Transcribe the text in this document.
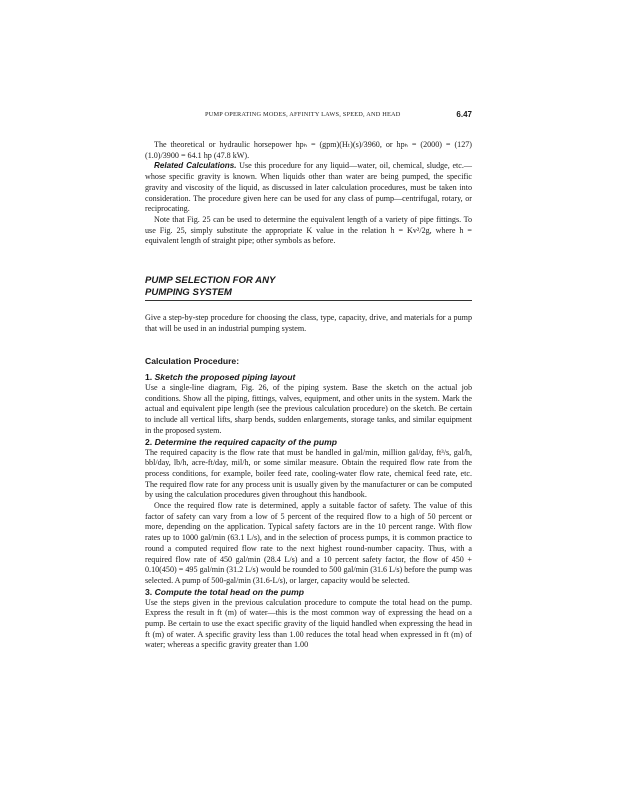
PUMP OPERATING MODES, AFFINITY LAWS, SPEED, AND HEAD	6.47

The theoretical or hydraulic horsepower hpₕ = (gpm)(Hₜ)(s)/3960, or hpₕ = (2000) = (127)(1.0)/3900 = 64.1 hp (47.8 kW).

Related Calculations. Use this procedure for any liquid—water, oil, chemical, sludge, etc.—whose specific gravity is known. When liquids other than water are being pumped, the specific gravity and viscosity of the liquid, as discussed in later calculation procedures, must be taken into consideration. The procedure given here can be used for any class of pump—centrifugal, rotary, or reciprocating.

Note that Fig. 25 can be used to determine the equivalent length of a variety of pipe fittings. To use Fig. 25, simply substitute the appropriate K value in the relation h = Kv²/2g, where h = equivalent length of straight pipe; other symbols as before.

PUMP SELECTION FOR ANY
PUMPING SYSTEM

Give a step-by-step procedure for choosing the class, type, capacity, drive, and materials for a pump that will be used in an industrial pumping system.

Calculation Procedure:

1. Sketch the proposed piping layout

Use a single-line diagram, Fig. 26, of the piping system. Base the sketch on the actual job conditions. Show all the piping, fittings, valves, equipment, and other units in the system. Mark the actual and equivalent pipe length (see the previous calculation procedure) on the sketch. Be certain to include all vertical lifts, sharp bends, sudden enlargements, storage tanks, and similar equipment in the proposed system.

2. Determine the required capacity of the pump

The required capacity is the flow rate that must be handled in gal/min, million gal/day, ft³/s, gal/h, bbl/day, lb/h, acre-ft/day, mil/h, or some similar measure. Obtain the required flow rate from the process conditions, for example, boiler feed rate, cooling-water flow rate, chemical feed rate, etc. The required flow rate for any process unit is usually given by the manufacturer or can be computed by using the calculation procedures given throughout this handbook.

Once the required flow rate is determined, apply a suitable factor of safety. The value of this factor of safety can vary from a low of 5 percent of the required flow to a high of 50 percent or more, depending on the application. Typical safety factors are in the 10 percent range. With flow rates up to 1000 gal/min (63.1 L/s), and in the selection of process pumps, it is common practice to round a computed required flow rate to the next highest round-number capacity. Thus, with a required flow rate of 450 gal/min (28.4 L/s) and a 10 percent safety factor, the flow of 450 + 0.10(450) = 495 gal/min (31.2 L/s) would be rounded to 500 gal/min (31.6 L/s) before the pump was selected. A pump of 500-gal/min (31.6-L/s), or larger, capacity would be selected.

3. Compute the total head on the pump

Use the steps given in the previous calculation procedure to compute the total head on the pump. Express the result in ft (m) of water—this is the most common way of expressing the head on a pump. Be certain to use the exact specific gravity of the liquid handled when expressing the head in ft (m) of water. A specific gravity less than 1.00 reduces the total head when expressed in ft (m) of water; whereas a specific gravity greater than 1.00
